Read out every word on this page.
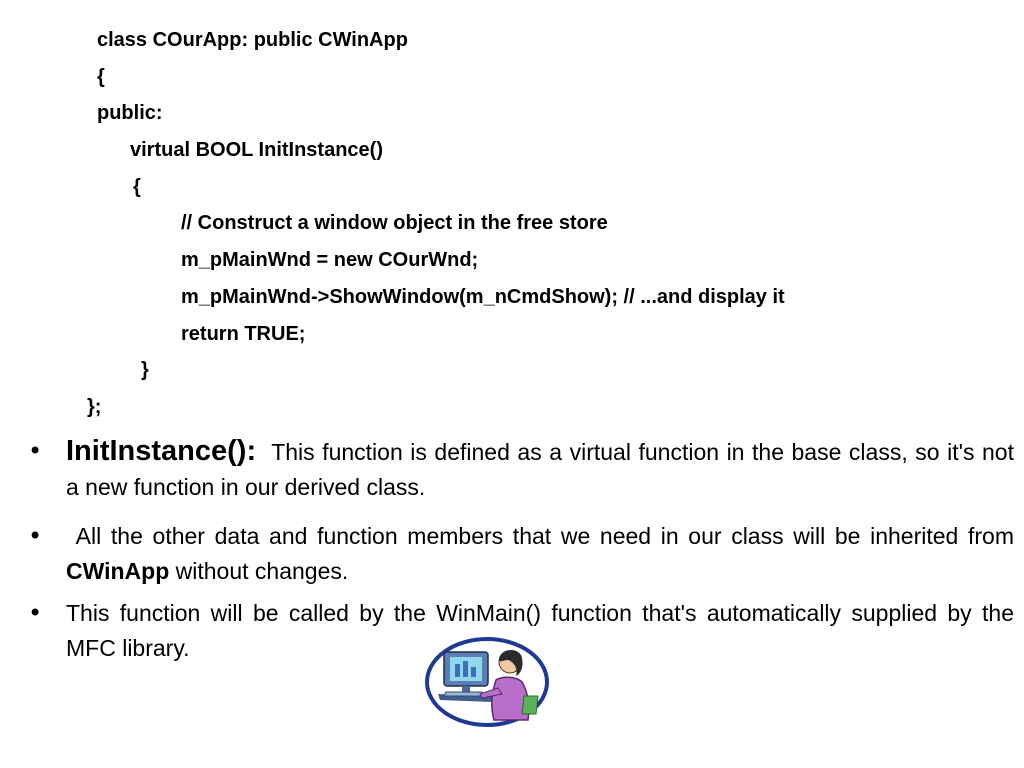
class COurApp: public CWinApp
{
public:
virtual BOOL InitInstance()
{
// Construct a window object in the free store
m_pMainWnd = new COurWnd;
m_pMainWnd->ShowWindow(m_nCmdShow); // ...and display it
return TRUE;
}
};
• InitInstance(): This function is defined as a virtual function in the base class, so it's not a new function in our derived class.
•	All the other data and function members that we need in our class will be inherited from CWinApp without changes.
• This function will be called by the WinMain() function that's automatically supplied by the MFC library.
